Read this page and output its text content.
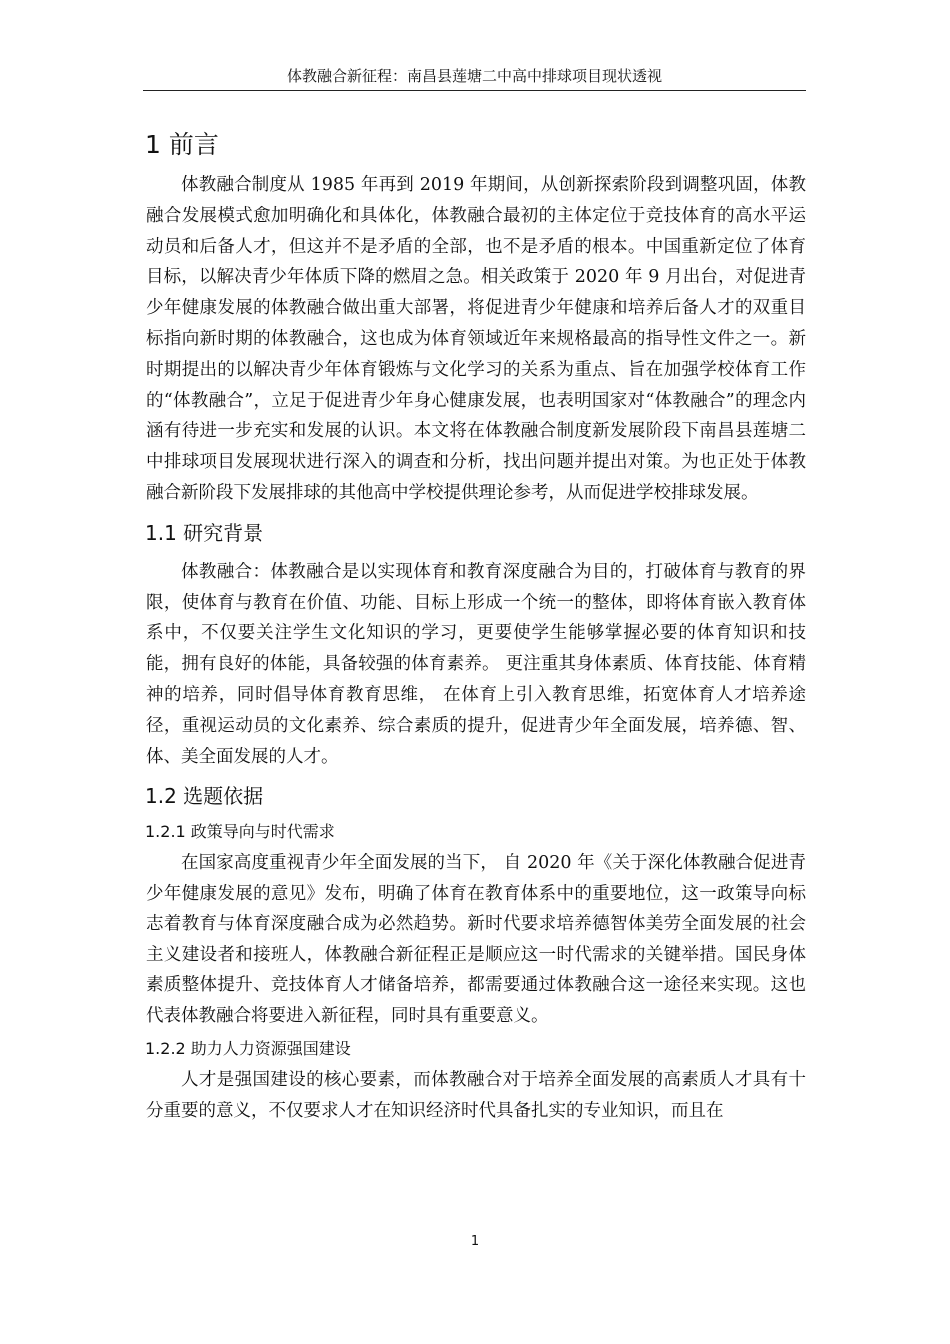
体教融合新征程：南昌县莲塘二中高中排球项目现状透视
1 前言

体教融合制度从 1985 年再到 2019 年期间，从创新探索阶段到调整巩固，体教融合发展模式愈加明确化和具体化，体教融合最初的主体定位于竞技体育的高水平运动员和后备人才，但这并不是矛盾的全部，也不是矛盾的根本。中国重新定位了体育目标，以解决青少年体质下降的燃眉之急。相关政策于 2020 年 9 月出台，对促进青少年健康发展的体教融合做出重大部署，将促进青少年健康和培养后备人才的双重目标指向新时期的体教融合，这也成为体育领域近年来规格最高的指导性文件之一。新时期提出的以解决青少年体育锻炼与文化学习的关系为重点、旨在加强学校体育工作的“体教融合”，立足于促进青少年身心健康发展，也表明国家对“体教融合”的理念内涵有待进一步充实和发展的认识。本文将在体教融合制度新发展阶段下南昌县莲塘二中排球项目发展现状进行深入的调查和分析，找出问题并提出对策。为也正处于体教融合新阶段下发展排球的其他高中学校提供理论参考，从而促进学校排球发展。

1.1 研究背景

体教融合：体教融合是以实现体育和教育深度融合为目的，打破体育与教育的界限，使体育与教育在价值、功能、目标上形成一个统一的整体，即将体育嵌入教育体系中，不仅要关注学生文化知识的学习，更要使学生能够掌握必要的体育知识和技能，拥有良好的体能，具备较强的体育素养。 更注重其身体素质、体育技能、体育精神的培养，同时倡导体育教育思维， 在体育上引入教育思维，拓宽体育人才培养途径，重视运动员的文化素养、综合素质的提升，促进青少年全面发展，培养德、智、体、美全面发展的人才。

1.2 选题依据
1.2.1 政策导向与时代需求

在国家高度重视青少年全面发展的当下， 自 2020 年《关于深化体教融合促进青少年健康发展的意见》发布，明确了体育在教育体系中的重要地位，这一政策导向标志着教育与体育深度融合成为必然趋势。新时代要求培养德智体美劳全面发展的社会主义建设者和接班人，体教融合新征程正是顺应这一时代需求的关键举措。国民身体素质整体提升、竞技体育人才储备培养，都需要通过体教融合这一途径来实现。这也代表体教融合将要进入新征程，同时具有重要意义。

1.2.2 助力人力资源强国建设

人才是强国建设的核心要素，而体教融合对于培养全面发展的高素质人才具有十分重要的意义，不仅要求人才在知识经济时代具备扎实的专业知识，而且在

1
